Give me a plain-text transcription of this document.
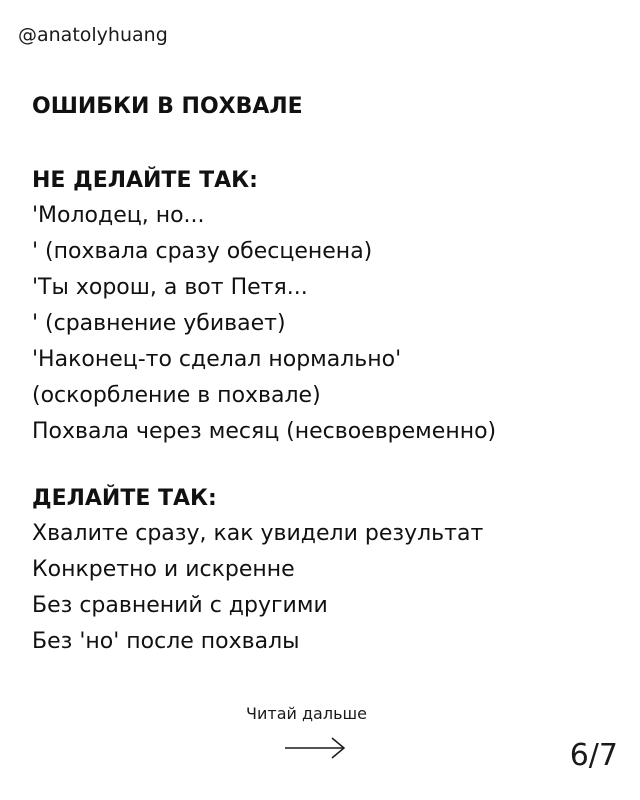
@anatolyhuang
ОШИБКИ В ПОХВАЛЕ
НЕ ДЕЛАЙТЕ ТАК:
'Молодец, но...
' (похвала сразу обесценена)
'Ты хорош, а вот Петя...
' (сравнение убивает)
'Наконец-то сделал нормально'
(оскорбление в похвале)
Похвала через месяц (несвоевременно)
ДЕЛАЙТЕ ТАК:
Хвалите сразу, как увидели результат
Конкретно и искренне
Без сравнений с другими
Без 'но' после похвалы
Читай дальше
6/7
